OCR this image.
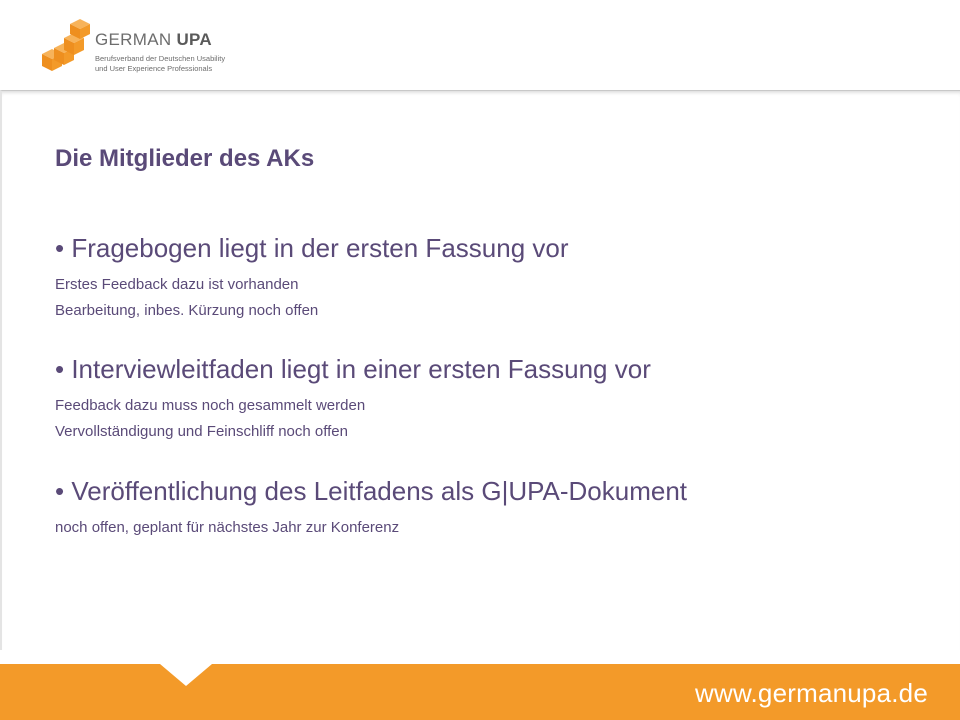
GERMAN UPA
Berufsverband der Deutschen Usability
und User Experience Professionals
Die Mitglieder des AKs
• Fragebogen liegt in der ersten Fassung vor
Erstes Feedback dazu ist vorhanden
Bearbeitung, inbes. Kürzung noch offen
• Interviewleitfaden liegt in einer ersten Fassung vor
Feedback dazu muss noch gesammelt werden
Vervollständigung und Feinschliff noch offen
• Veröffentlichung des Leitfadens als G|UPA-Dokument
noch offen, geplant für nächstes Jahr zur Konferenz
www.germanupa.de
